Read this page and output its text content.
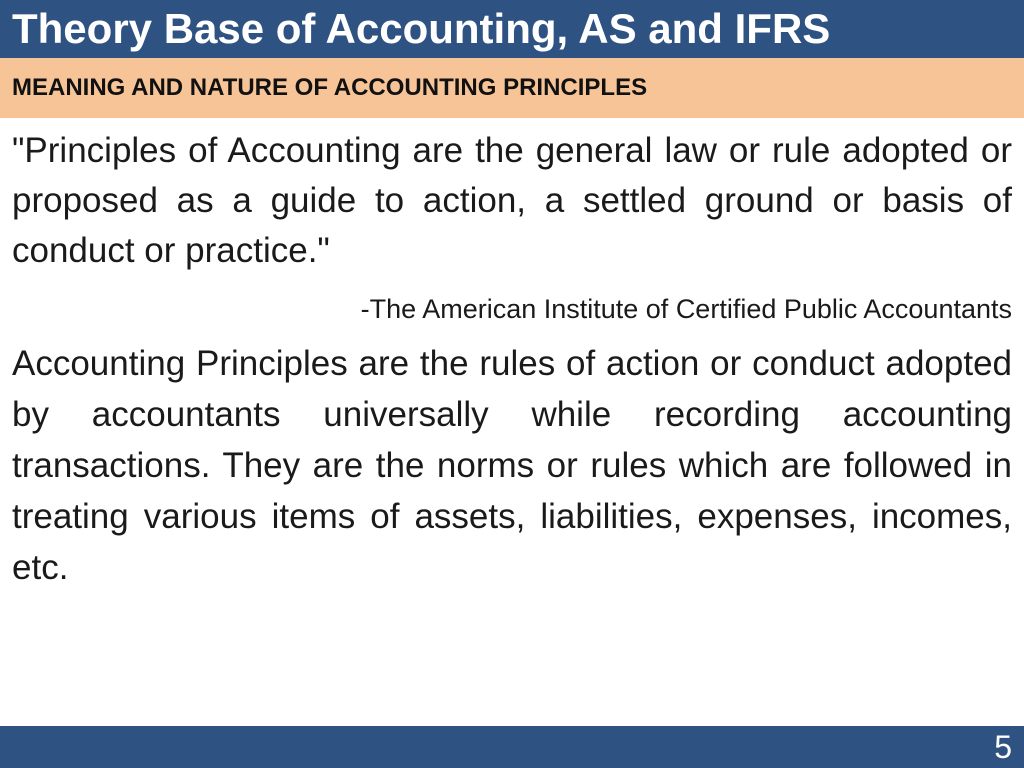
Theory Base of Accounting, AS and IFRS
MEANING AND NATURE OF ACCOUNTING PRINCIPLES

"Principles of Accounting are the general law or rule adopted or proposed as a guide to action, a settled ground or basis of conduct or practice."

-The American Institute of Certified Public Accountants

Accounting Principles are the rules of action or conduct adopted by accountants universally while recording accounting transactions. They are the norms or rules which are followed in treating various items of assets, liabilities, expenses, incomes, etc.

5
